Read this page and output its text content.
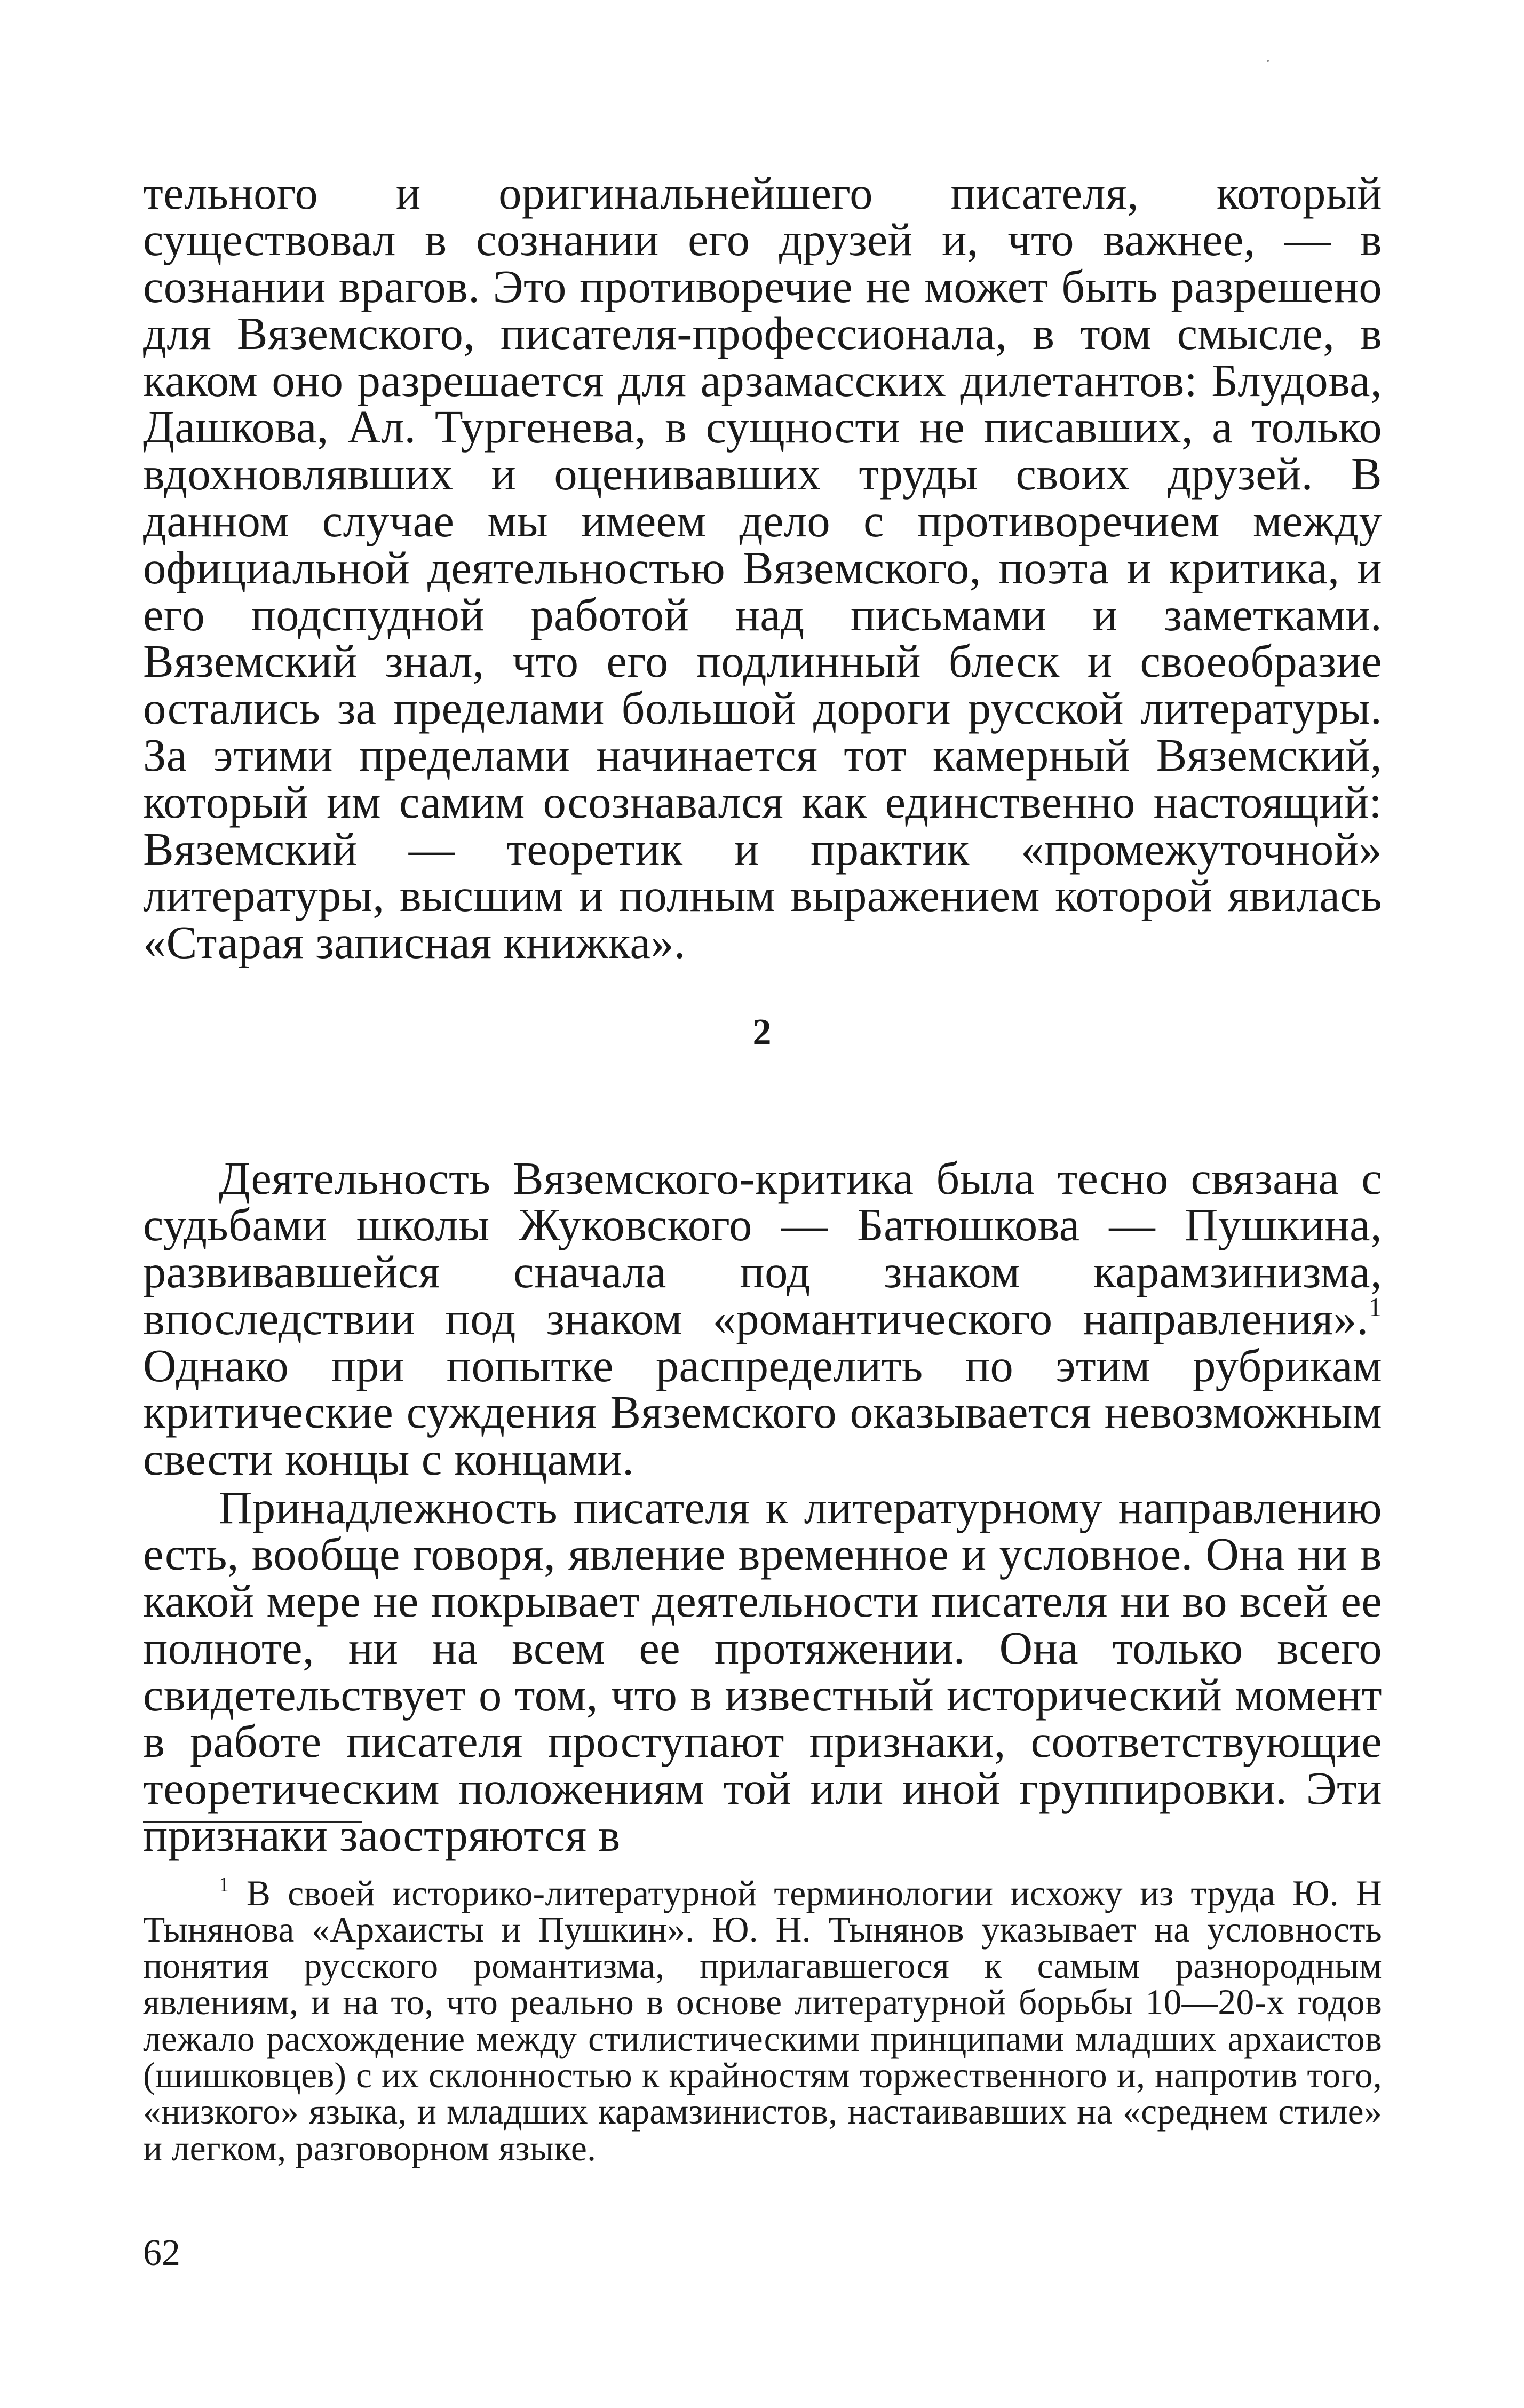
тельного и оригинальнейшего писателя, который существовал в сознании его друзей и, что важнее, — в сознании врагов. Это противоречие не может быть разрешено для Вяземского, писателя-профессионала, в том смысле, в каком оно разрешается для арзамасских дилетантов: Блудова, Дашкова, Ал. Тургенева, в сущности не писавших, а только вдохновлявших и оценивавших труды своих друзей. В данном случае мы имеем дело с противоречием между официальной деятельностью Вяземского, поэта и критика, и его подспудной работой над письмами и заметками. Вяземский знал, что его подлинный блеск и своеобразие остались за пределами большой дороги русской литературы. За этими пределами начинается тот камерный Вяземский, который им самим осознавался как единственно настоящий: Вяземский — теоретик и практик «промежуточной» литературы, высшим и полным выражением которой явилась «Старая записная книжка».

2

Деятельность Вяземского-критика была тесно связана с судьбами школы Жуковского — Батюшкова — Пушкина, развивавшейся сначала под знаком карамзинизма, впоследствии под знаком «романтического направления».$^1$ Однако при попытке распределить по этим рубрикам критические суждения Вяземского оказывается невозможным свести концы с концами.

Принадлежность писателя к литературному направлению есть, вообще говоря, явление временное и условное. Она ни в какой мере не покрывает деятельности писателя ни во всей ее полноте, ни на всем ее протяжении. Она только всего свидетельствует о том, что в известный исторический момент в работе писателя проступают признаки, соответствующие теоретическим положениям той или иной группировки. Эти признаки заостряются в

$^1$ В своей историко-литературной терминологии исхожу из труда Ю. Н Тынянова «Архаисты и Пушкин». Ю. Н. Тынянов указывает на условность понятия русского романтизма, прилагавшегося к самым разнородным явлениям, и на то, что реально в основе литературной борьбы 10—20-х годов лежало расхождение между стилистическими принципами младших архаистов (шишковцев) с их склонностью к крайностям торжественного и, напротив того, «низкого» языка, и младших карамзинистов, настаивавших на «среднем стиле» и легком, разговорном языке.

62
